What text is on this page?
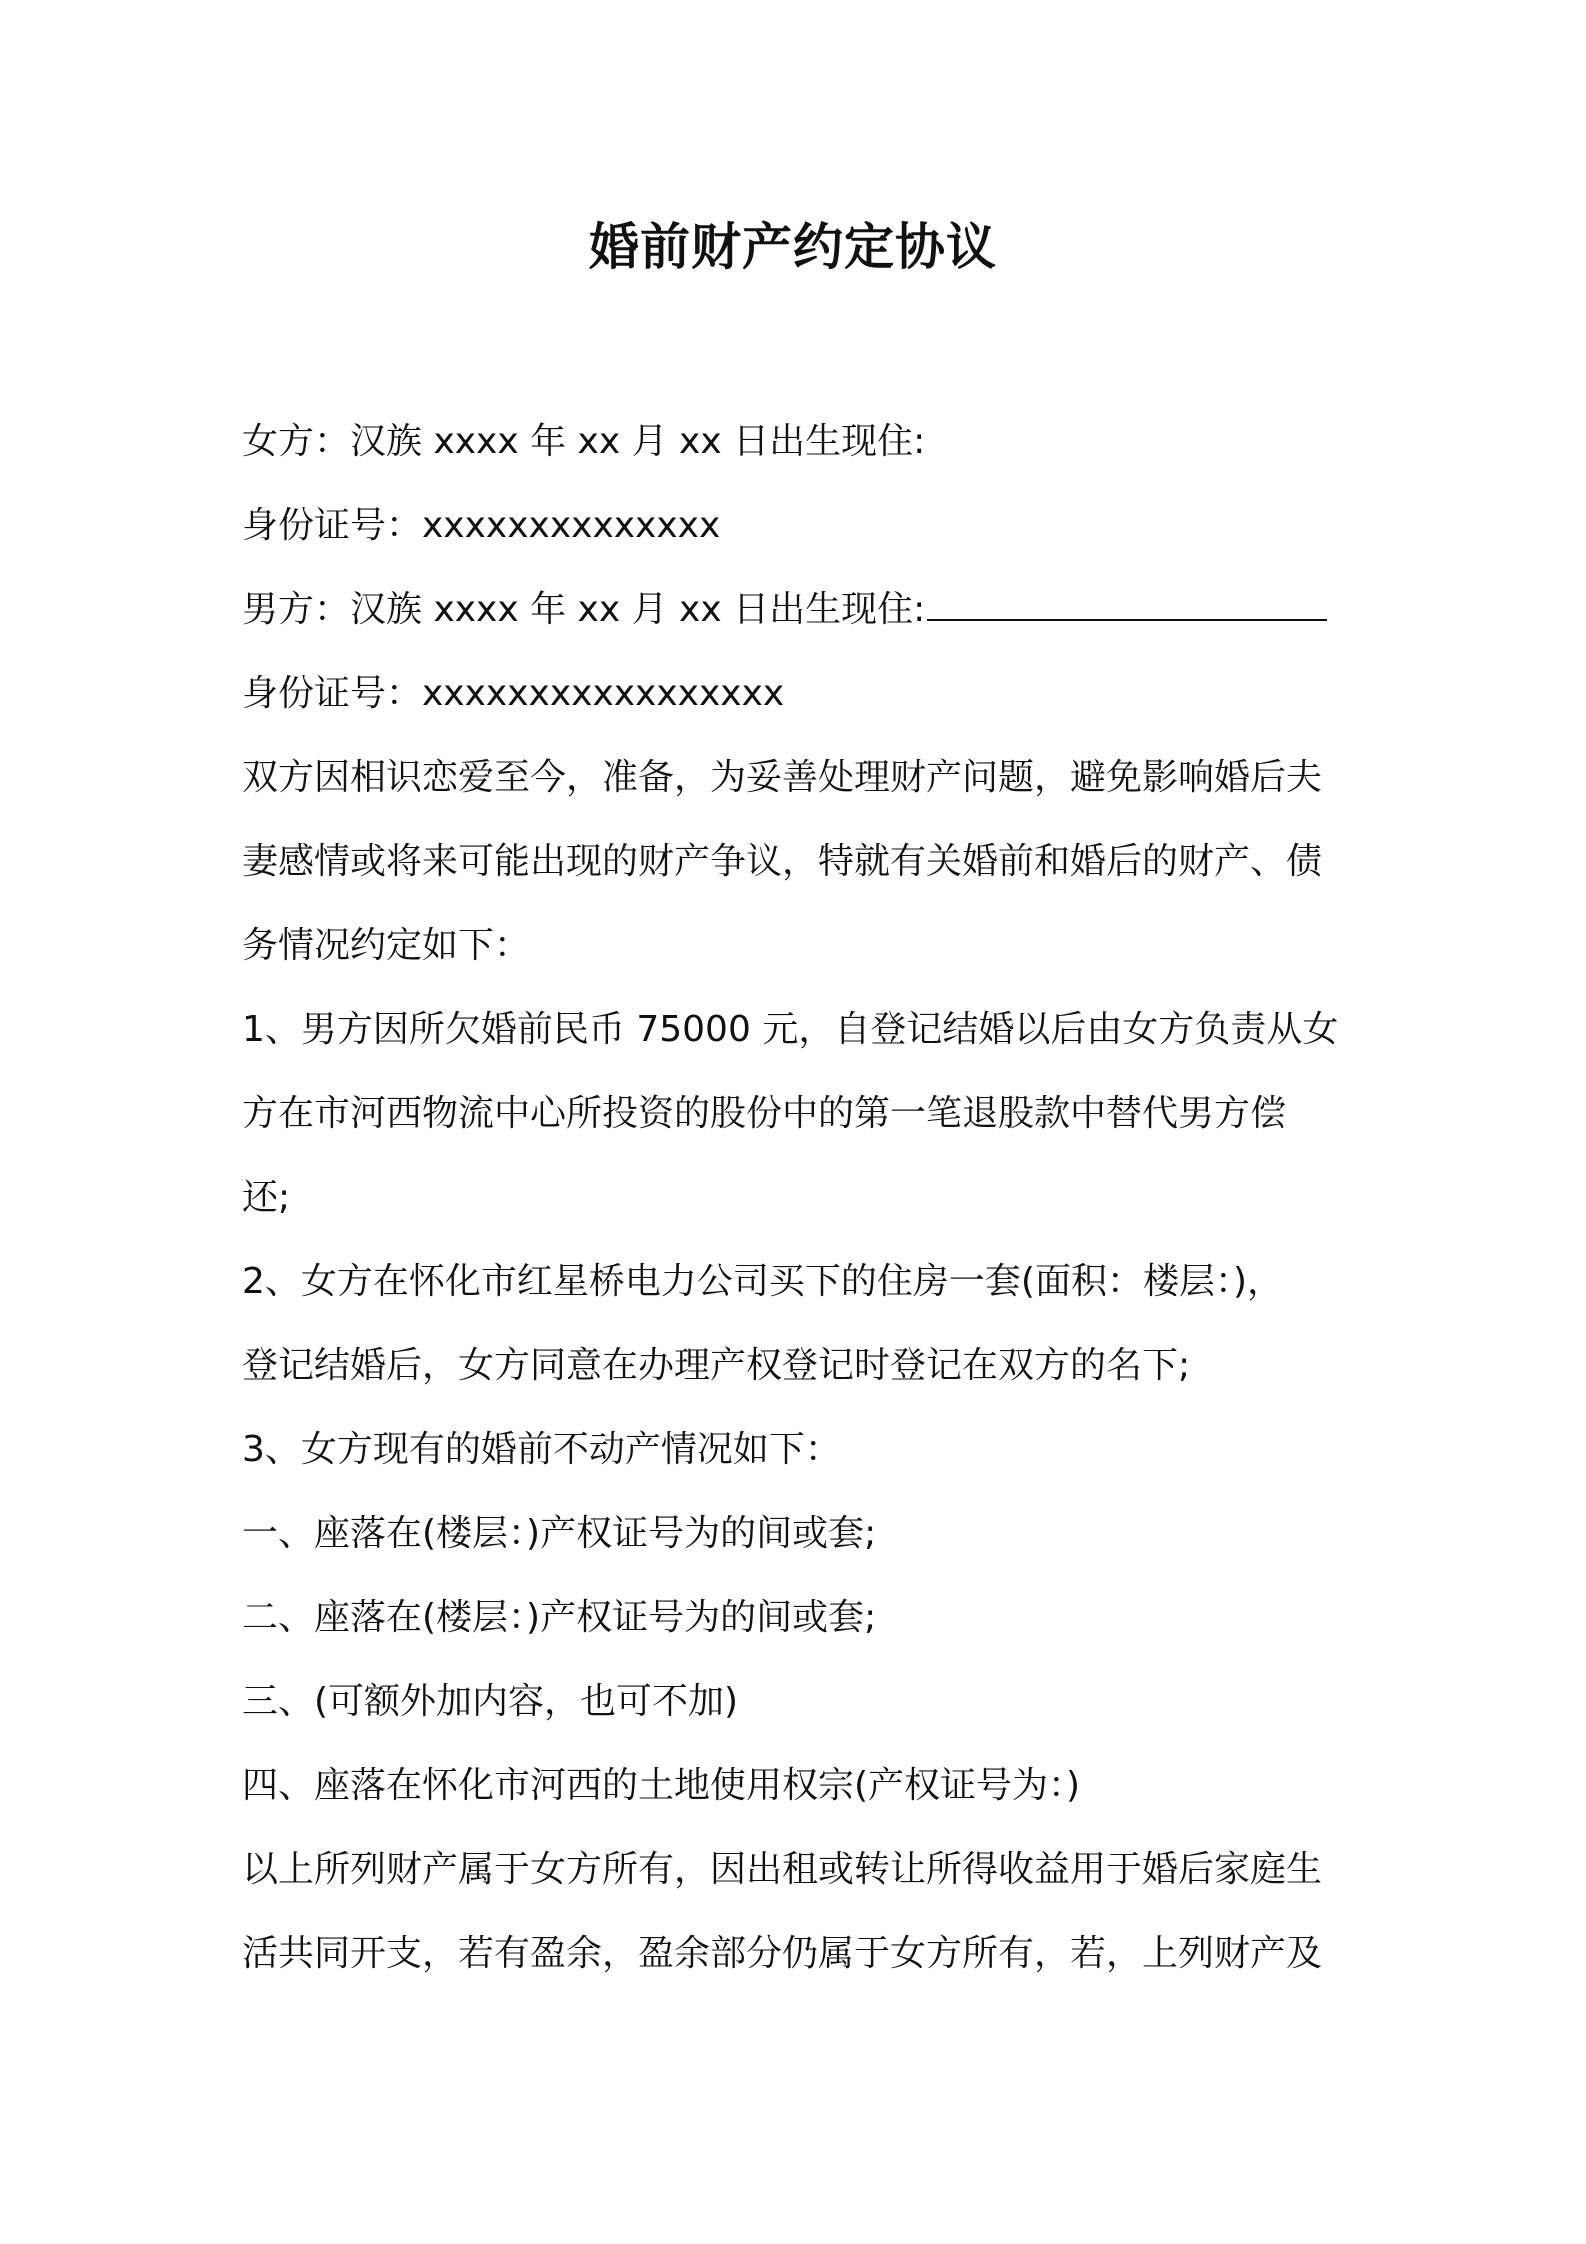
婚前财产约定协议
女方：汉族 xxxx 年 xx 月 xx 日出生现住:
身份证号：xxxxxxxxxxxxxx
男方：汉族 xxxx 年 xx 月 xx 日出生现住:
身份证号：xxxxxxxxxxxxxxxxx
双方因相识恋爱至今，准备，为妥善处理财产问题，避免影响婚后夫
妻感情或将来可能出现的财产争议，特就有关婚前和婚后的财产、债
务情况约定如下：
1、男方因所欠婚前民币 75000 元，自登记结婚以后由女方负责从女
方在市河西物流中心所投资的股份中的第一笔退股款中替代男方偿
还;
2、女方在怀化市红星桥电力公司买下的住房一套(面积：楼层：)，
登记结婚后，女方同意在办理产权登记时登记在双方的名下;
3、女方现有的婚前不动产情况如下：
一、座落在(楼层：)产权证号为的间或套;
二、座落在(楼层：)产权证号为的间或套;
三、(可额外加内容，也可不加)
四、座落在怀化市河西的土地使用权宗(产权证号为：)
以上所列财产属于女方所有，因出租或转让所得收益用于婚后家庭生
活共同开支，若有盈余，盈余部分仍属于女方所有，若，上列财产及
